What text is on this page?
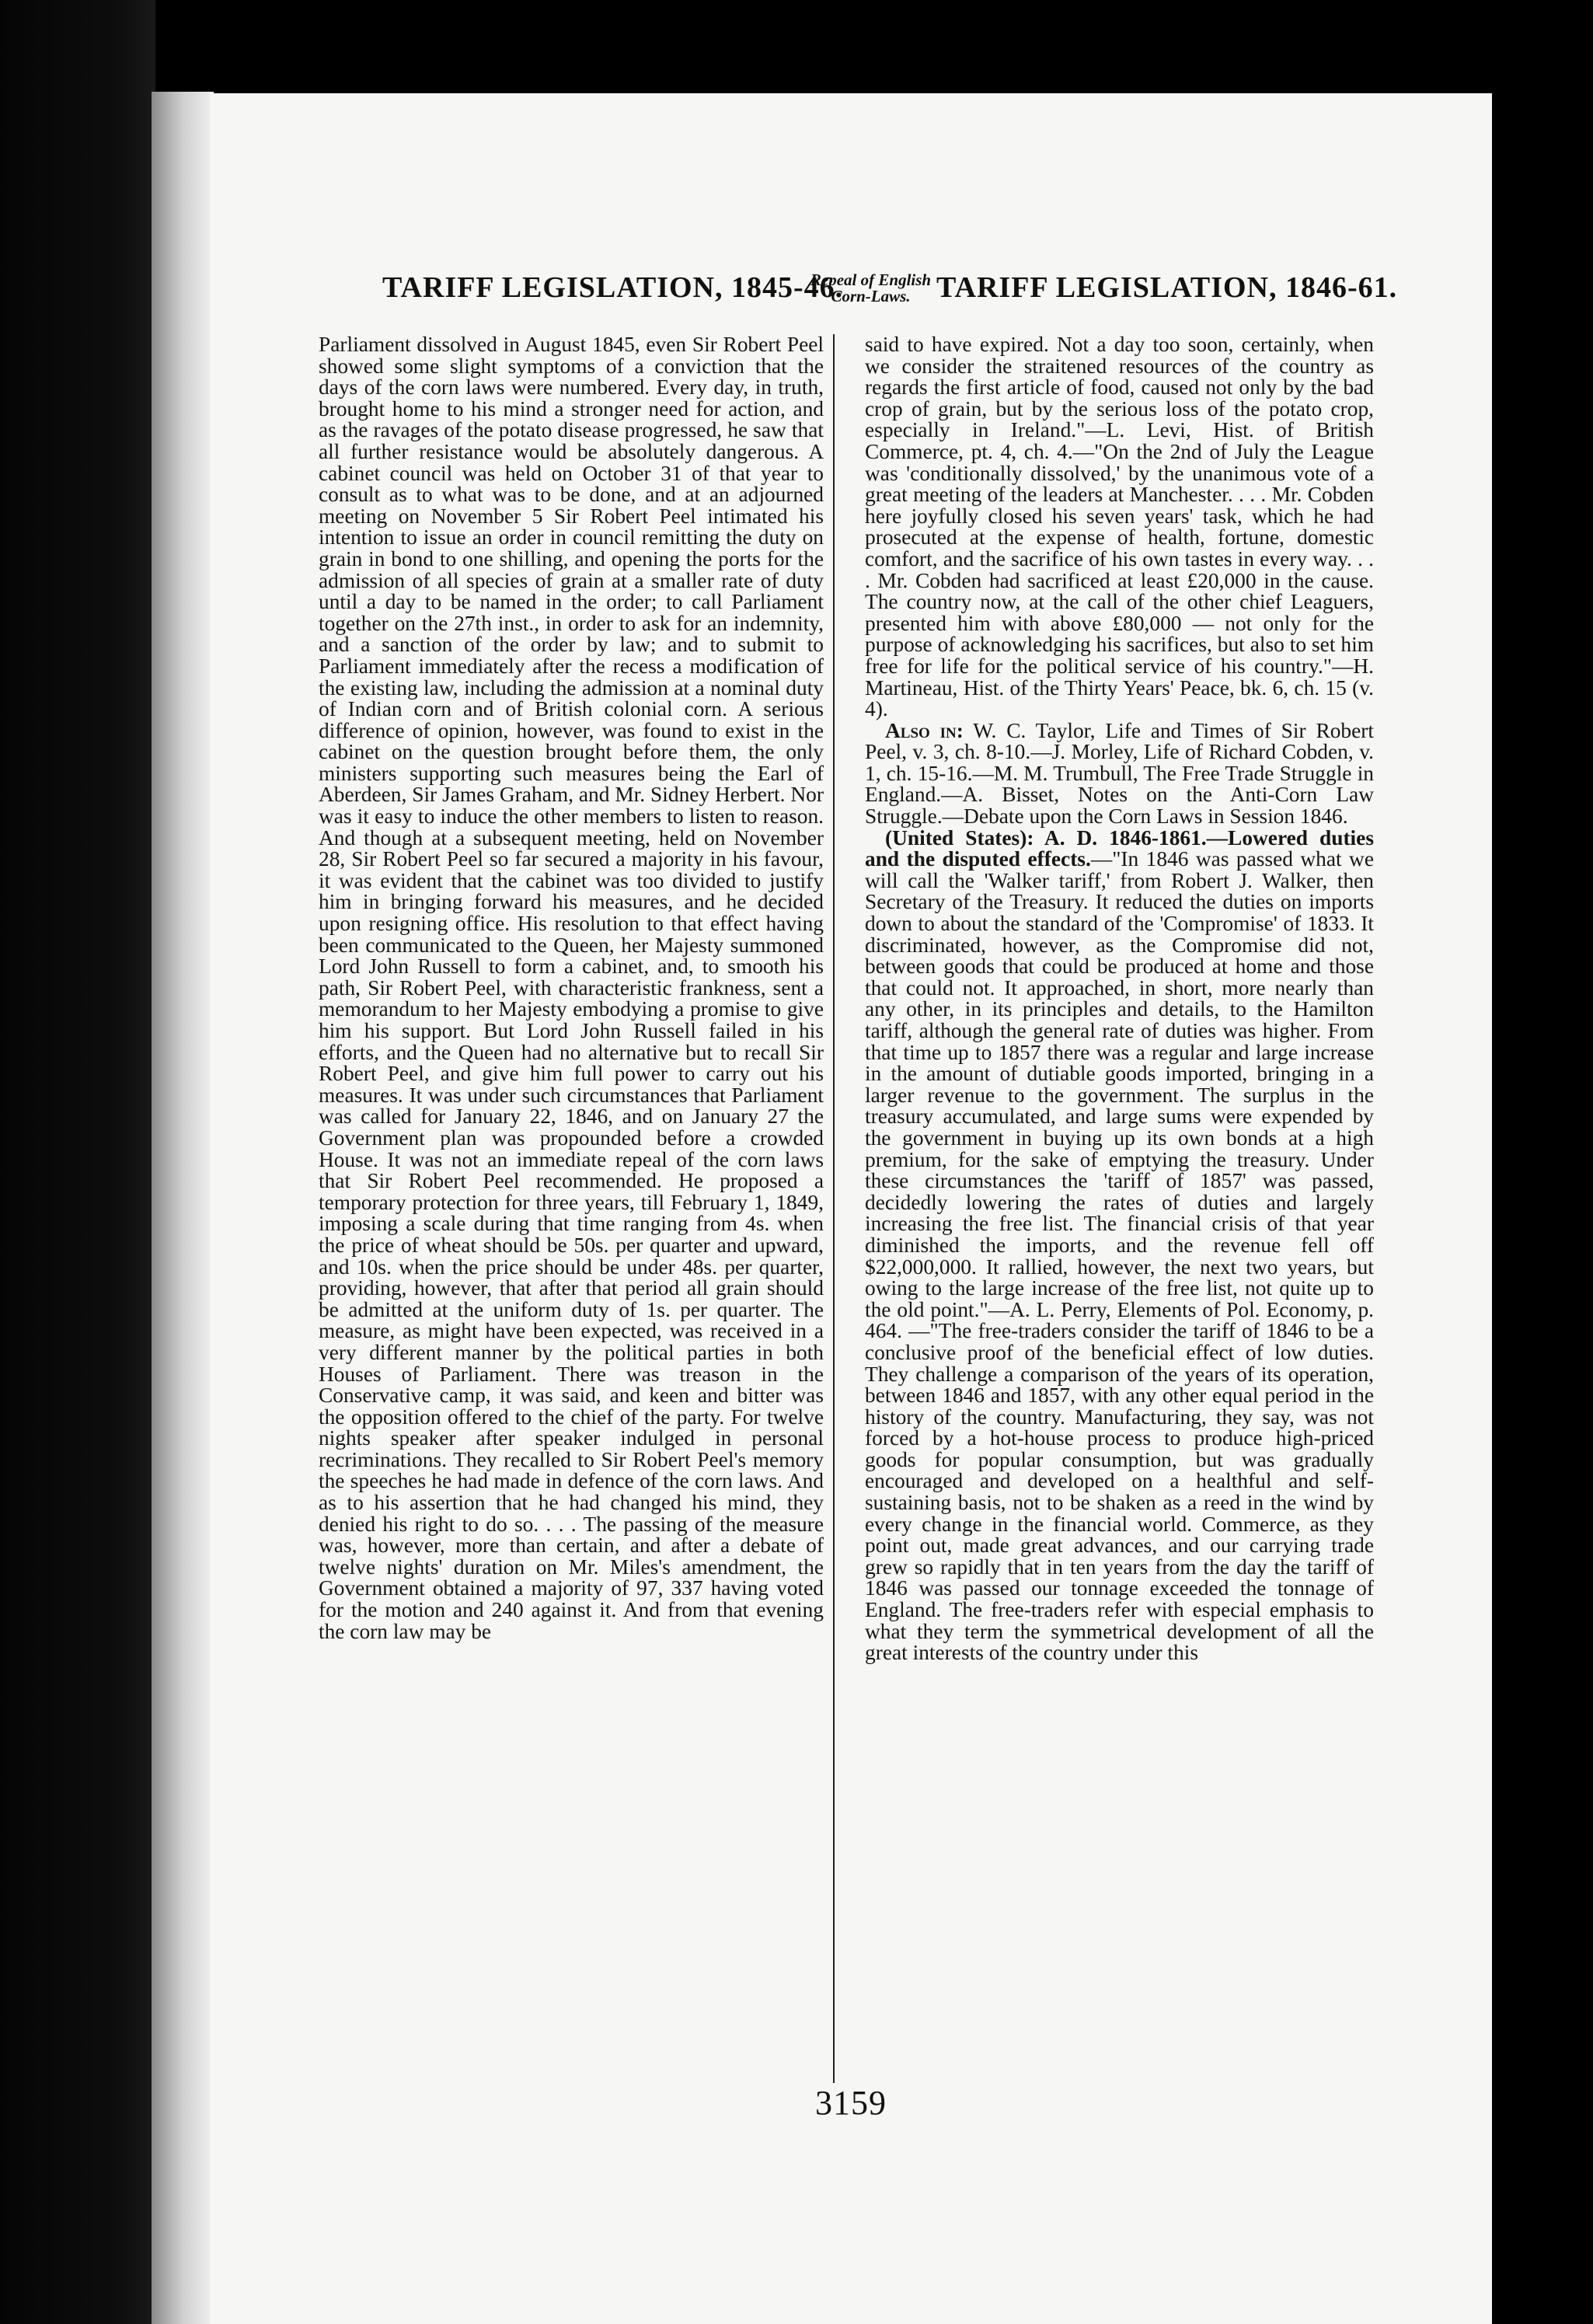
TARIFF LEGISLATION, 1845-46.
Repeal of English Corn-Laws. TARIFF LEGISLATION, 1846-61.

Parliament dissolved in August 1845, even Sir Robert Peel showed some slight symptoms of a conviction that the days of the corn laws were numbered. Every day, in truth, brought home to his mind a stronger need for action, and as the ravages of the potato disease progressed, he saw that all further resistance would be absolutely dangerous. A cabinet council was held on October 31 of that year to consult as to what was to be done, and at an adjourned meeting on November 5 Sir Robert Peel intimated his intention to issue an order in council remitting the duty on grain in bond to one shilling, and opening the ports for the admission of all species of grain at a smaller rate of duty until a day to be named in the order; to call Parliament together on the 27th inst., in order to ask for an indemnity, and a sanction of the order by law; and to submit to Parliament immediately after the recess a modification of the existing law, including the admission at a nominal duty of Indian corn and of British colonial corn. A serious difference of opinion, however, was found to exist in the cabinet on the question brought before them, the only ministers supporting such measures being the Earl of Aberdeen, Sir James Graham, and Mr. Sidney Herbert. Nor was it easy to induce the other members to listen to reason. And though at a subsequent meeting, held on November 28, Sir Robert Peel so far secured a majority in his favour, it was evident that the cabinet was too divided to justify him in bringing forward his measures, and he decided upon resigning office. His resolution to that effect having been communicated to the Queen, her Majesty summoned Lord John Russell to form a cabinet, and, to smooth his path, Sir Robert Peel, with characteristic frankness, sent a memorandum to her Majesty embodying a promise to give him his support. But Lord John Russell failed in his efforts, and the Queen had no alternative but to recall Sir Robert Peel, and give him full power to carry out his measures. It was under such circumstances that Parliament was called for January 22, 1846, and on January 27 the Government plan was propounded before a crowded House. It was not an immediate repeal of the corn laws that Sir Robert Peel recommended. He proposed a temporary protection for three years, till February 1, 1849, imposing a scale during that time ranging from 4s. when the price of wheat should be 50s. per quarter and upward, and 10s. when the price should be under 48s. per quarter, providing, however, that after that period all grain should be admitted at the uniform duty of 1s. per quarter. The measure, as might have been expected, was received in a very different manner by the political parties in both Houses of Parliament. There was treason in the Conservative camp, it was said, and keen and bitter was the opposition offered to the chief of the party. For twelve nights speaker after speaker indulged in personal recriminations. They recalled to Sir Robert Peel's memory the speeches he had made in defence of the corn laws. And as to his assertion that he had changed his mind, they denied his right to do so. . . . The passing of the measure was, however, more than certain, and after a debate of twelve nights' duration on Mr. Miles's amendment, the Government obtained a majority of 97, 337 having voted for the motion and 240 against it. And from that evening the corn law may be

said to have expired. Not a day too soon, certainly, when we consider the straitened resources of the country as regards the first article of food, caused not only by the bad crop of grain, but by the serious loss of the potato crop, especially in Ireland."—L. Levi, Hist. of British Commerce, pt. 4, ch. 4.—"On the 2nd of July the League was 'conditionally dissolved,' by the unanimous vote of a great meeting of the leaders at Manchester. . . . Mr. Cobden here joyfully closed his seven years' task, which he had prosecuted at the expense of health, fortune, domestic comfort, and the sacrifice of his own tastes in every way. . . . Mr. Cobden had sacrificed at least £20,000 in the cause. The country now, at the call of the other chief Leaguers, presented him with above £80,000 — not only for the purpose of acknowledging his sacrifices, but also to set him free for life for the political service of his country."—H. Martineau, Hist. of the Thirty Years' Peace, bk. 6, ch. 15 (v. 4).

Also in: W. C. Taylor, Life and Times of Sir Robert Peel, v. 3, ch. 8-10.—J. Morley, Life of Richard Cobden, v. 1, ch. 15-16.—M. M. Trumbull, The Free Trade Struggle in England.—A. Bisset, Notes on the Anti-Corn Law Struggle.—Debate upon the Corn Laws in Session 1846.

(United States): A. D. 1846-1861.—Lowered duties and the disputed effects.—"In 1846 was passed what we will call the 'Walker tariff,' from Robert J. Walker, then Secretary of the Treasury. It reduced the duties on imports down to about the standard of the 'Compromise' of 1833. It discriminated, however, as the Compromise did not, between goods that could be produced at home and those that could not. It approached, in short, more nearly than any other, in its principles and details, to the Hamilton tariff, although the general rate of duties was higher. From that time up to 1857 there was a regular and large increase in the amount of dutiable goods imported, bringing in a larger revenue to the government. The surplus in the treasury accumulated, and large sums were expended by the government in buying up its own bonds at a high premium, for the sake of emptying the treasury. Under these circumstances the 'tariff of 1857' was passed, decidedly lowering the rates of duties and largely increasing the free list. The financial crisis of that year diminished the imports, and the revenue fell off $22,000,000. It rallied, however, the next two years, but owing to the large increase of the free list, not quite up to the old point."—A. L. Perry, Elements of Pol. Economy, p. 464. —"The free-traders consider the tariff of 1846 to be a conclusive proof of the beneficial effect of low duties. They challenge a comparison of the years of its operation, between 1846 and 1857, with any other equal period in the history of the country. Manufacturing, they say, was not forced by a hot-house process to produce high-priced goods for popular consumption, but was gradually encouraged and developed on a healthful and self-sustaining basis, not to be shaken as a reed in the wind by every change in the financial world. Commerce, as they point out, made great advances, and our carrying trade grew so rapidly that in ten years from the day the tariff of 1846 was passed our tonnage exceeded the tonnage of England. The free-traders refer with especial emphasis to what they term the symmetrical development of all the great interests of the country under this

3159
